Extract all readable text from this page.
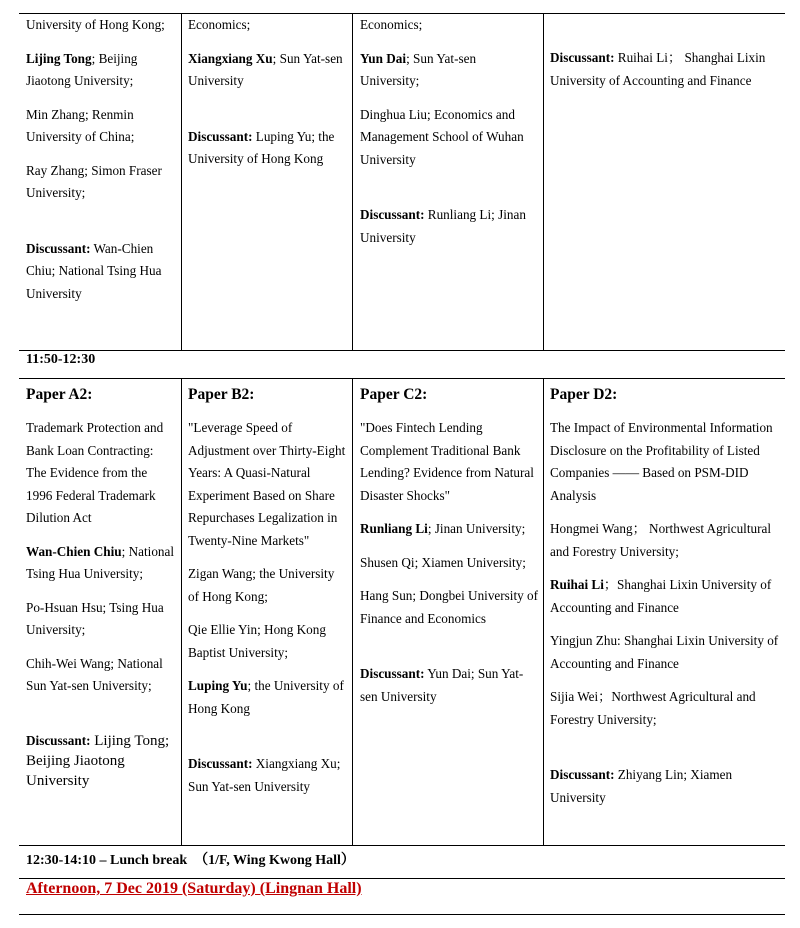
University of Hong Kong;

Lijing Tong; Beijing Jiaotong University;

Min Zhang; Renmin University of China;

Ray Zhang; Simon Fraser University;

Discussant: Wan-Chien Chiu; National Tsing Hua University

Economics;

Xiangxiang Xu; Sun Yat-sen University

Discussant: Luping Yu; the University of Hong Kong

Economics;

Yun Dai; Sun Yat-sen University;

Dinghua Liu; Economics and Management School of Wuhan University

Discussant: Runliang Li; Jinan University

Discussant: Ruihai Li； Shanghai Lixin University of Accounting and Finance

11:50-12:30
Paper A2:

Trademark Protection and Bank Loan Contracting: The Evidence from the 1996 Federal Trademark Dilution Act

Wan-Chien Chiu; National Tsing Hua University;

Po-Hsuan Hsu; Tsing Hua University;

Chih-Wei Wang; National Sun Yat-sen University;

Discussant: Lijing Tong; Beijing Jiaotong University

Paper B2:

"Leverage Speed of Adjustment over Thirty-Eight Years: A Quasi-Natural Experiment Based on Share Repurchases Legalization in Twenty-Nine Markets"

Zigan Wang; the University of Hong Kong;

Qie Ellie Yin; Hong Kong Baptist University;

Luping Yu; the University of Hong Kong

Discussant: Xiangxiang Xu; Sun Yat-sen University

Paper C2:

"Does Fintech Lending Complement Traditional Bank Lending? Evidence from Natural Disaster Shocks"

Runliang Li; Jinan University;

Shusen Qi; Xiamen University;

Hang Sun; Dongbei University of Finance and Economics

Discussant: Yun Dai; Sun Yat-sen University

Paper D2:

The Impact of Environmental Information Disclosure on the Profitability of Listed Companies —— Based on PSM-DID Analysis

Hongmei Wang； Northwest Agricultural and Forestry University;

Ruihai Li；Shanghai Lixin University of Accounting and Finance

Yingjun Zhu: Shanghai Lixin University of Accounting and Finance

Sijia Wei；Northwest Agricultural and Forestry University;

Discussant: Zhiyang Lin; Xiamen University

12:30-14:10 – Lunch break  （1/F, Wing Kwong Hall）
Afternoon, 7 Dec 2019 (Saturday) (Lingnan Hall)
